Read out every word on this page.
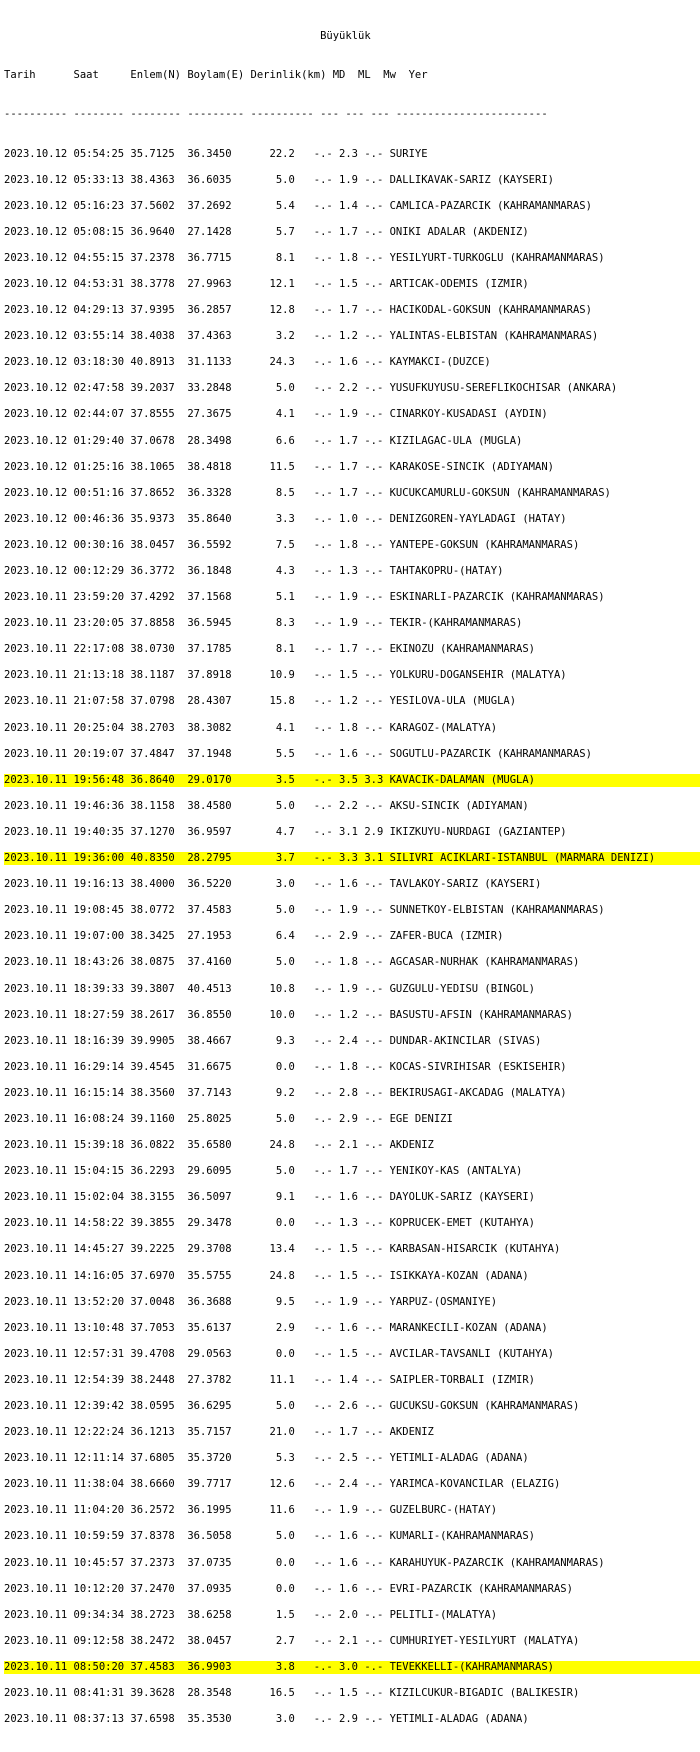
Büyüklük

Tarih      Saat     Enlem(N) Boylam(E) Derinlik(km) MD  ML  Mw  Yer

---------- -------- -------- --------- ---------- --- --- --- ------------------------

2023.10.12 05:54:25 35.7125  36.3450      22.2   -.- 2.3 -.- SURIYE

2023.10.12 05:33:13 38.4363  36.6035       5.0   -.- 1.9 -.- DALLIKAVAK-SARIZ (KAYSERI)

2023.10.12 05:16:23 37.5602  37.2692       5.4   -.- 1.4 -.- CAMLICA-PAZARCIK (KAHRAMANMARAS)

2023.10.12 05:08:15 36.9640  27.1428       5.7   -.- 1.7 -.- ONIKI ADALAR (AKDENIZ)

2023.10.12 04:55:15 37.2378  36.7715       8.1   -.- 1.8 -.- YESILYURT-TURKOGLU (KAHRAMANMARAS)

2023.10.12 04:53:31 38.3778  27.9963      12.1   -.- 1.5 -.- ARTICAK-ODEMIS (IZMIR)

2023.10.12 04:29:13 37.9395  36.2857      12.8   -.- 1.7 -.- HACIKODAL-GOKSUN (KAHRAMANMARAS)

2023.10.12 03:55:14 38.4038  37.4363       3.2   -.- 1.2 -.- YALINTAS-ELBISTAN (KAHRAMANMARAS)

2023.10.12 03:18:30 40.8913  31.1133      24.3   -.- 1.6 -.- KAYMAKCI-(DUZCE)

2023.10.12 02:47:58 39.2037  33.2848       5.0   -.- 2.2 -.- YUSUFKUYUSU-SEREFLIKOCHISAR (ANKARA)

2023.10.12 02:44:07 37.8555  27.3675       4.1   -.- 1.9 -.- CINARKOY-KUSADASI (AYDIN)

2023.10.12 01:29:40 37.0678  28.3498       6.6   -.- 1.7 -.- KIZILAGAC-ULA (MUGLA)

2023.10.12 01:25:16 38.1065  38.4818      11.5   -.- 1.7 -.- KARAKOSE-SINCIK (ADIYAMAN)

2023.10.12 00:51:16 37.8652  36.3328       8.5   -.- 1.7 -.- KUCUKCAMURLU-GOKSUN (KAHRAMANMARAS)

2023.10.12 00:46:36 35.9373  35.8640       3.3   -.- 1.0 -.- DENIZGOREN-YAYLADAGI (HATAY)

2023.10.12 00:30:16 38.0457  36.5592       7.5   -.- 1.8 -.- YANTEPE-GOKSUN (KAHRAMANMARAS)

2023.10.12 00:12:29 36.3772  36.1848       4.3   -.- 1.3 -.- TAHTAKOPRU-(HATAY)

2023.10.11 23:59:20 37.4292  37.1568       5.1   -.- 1.9 -.- ESKINARLI-PAZARCIK (KAHRAMANMARAS)

2023.10.11 23:20:05 37.8858  36.5945       8.3   -.- 1.9 -.- TEKIR-(KAHRAMANMARAS)

2023.10.11 22:17:08 38.0730  37.1785       8.1   -.- 1.7 -.- EKINOZU (KAHRAMANMARAS)

2023.10.11 21:13:18 38.1187  37.8918      10.9   -.- 1.5 -.- YOLKURU-DOGANSEHIR (MALATYA)

2023.10.11 21:07:58 37.0798  28.4307      15.8   -.- 1.2 -.- YESILOVA-ULA (MUGLA)

2023.10.11 20:25:04 38.2703  38.3082       4.1   -.- 1.8 -.- KARAGOZ-(MALATYA)

2023.10.11 20:19:07 37.4847  37.1948       5.5   -.- 1.6 -.- SOGUTLU-PAZARCIK (KAHRAMANMARAS)

2023.10.11 19:56:48 36.8640  29.0170       3.5   -.- 3.5 3.3 KAVACIK-DALAMAN (MUGLA)

2023.10.11 19:46:36 38.1158  38.4580       5.0   -.- 2.2 -.- AKSU-SINCIK (ADIYAMAN)

2023.10.11 19:40:35 37.1270  36.9597       4.7   -.- 3.1 2.9 IKIZKUYU-NURDAGI (GAZIANTEP)

2023.10.11 19:36:00 40.8350  28.2795       3.7   -.- 3.3 3.1 SILIVRI ACIKLARI-ISTANBUL (MARMARA DENIZI)

2023.10.11 19:16:13 38.4000  36.5220       3.0   -.- 1.6 -.- TAVLAKOY-SARIZ (KAYSERI)

2023.10.11 19:08:45 38.0772  37.4583       5.0   -.- 1.9 -.- SUNNETKOY-ELBISTAN (KAHRAMANMARAS)

2023.10.11 19:07:00 38.3425  27.1953       6.4   -.- 2.9 -.- ZAFER-BUCA (IZMIR)

2023.10.11 18:43:26 38.0875  37.4160       5.0   -.- 1.8 -.- AGCASAR-NURHAK (KAHRAMANMARAS)

2023.10.11 18:39:33 39.3807  40.4513      10.8   -.- 1.9 -.- GUZGULU-YEDISU (BINGOL)

2023.10.11 18:27:59 38.2617  36.8550      10.0   -.- 1.2 -.- BASUSTU-AFSIN (KAHRAMANMARAS)

2023.10.11 18:16:39 39.9905  38.4667       9.3   -.- 2.4 -.- DUNDAR-AKINCILAR (SIVAS)

2023.10.11 16:29:14 39.4545  31.6675       0.0   -.- 1.8 -.- KOCAS-SIVRIHISAR (ESKISEHIR)

2023.10.11 16:15:14 38.3560  37.7143       9.2   -.- 2.8 -.- BEKIRUSAGI-AKCADAG (MALATYA)

2023.10.11 16:08:24 39.1160  25.8025       5.0   -.- 2.9 -.- EGE DENIZI

2023.10.11 15:39:18 36.0822  35.6580      24.8   -.- 2.1 -.- AKDENIZ

2023.10.11 15:04:15 36.2293  29.6095       5.0   -.- 1.7 -.- YENIKOY-KAS (ANTALYA)

2023.10.11 15:02:04 38.3155  36.5097       9.1   -.- 1.6 -.- DAYOLUK-SARIZ (KAYSERI)

2023.10.11 14:58:22 39.3855  29.3478       0.0   -.- 1.3 -.- KOPRUCEK-EMET (KUTAHYA)

2023.10.11 14:45:27 39.2225  29.3708      13.4   -.- 1.5 -.- KARBASAN-HISARCIK (KUTAHYA)

2023.10.11 14:16:05 37.6970  35.5755      24.8   -.- 1.5 -.- ISIKKAYA-KOZAN (ADANA)

2023.10.11 13:52:20 37.0048  36.3688       9.5   -.- 1.9 -.- YARPUZ-(OSMANIYE)

2023.10.11 13:10:48 37.7053  35.6137       2.9   -.- 1.6 -.- MARANKECILI-KOZAN (ADANA)

2023.10.11 12:57:31 39.4708  29.0563       0.0   -.- 1.5 -.- AVCILAR-TAVSANLI (KUTAHYA)

2023.10.11 12:54:39 38.2448  27.3782      11.1   -.- 1.4 -.- SAIPLER-TORBALI (IZMIR)

2023.10.11 12:39:42 38.0595  36.6295       5.0   -.- 2.6 -.- GUCUKSU-GOKSUN (KAHRAMANMARAS)

2023.10.11 12:22:24 36.1213  35.7157      21.0   -.- 1.7 -.- AKDENIZ

2023.10.11 12:11:14 37.6805  35.3720       5.3   -.- 2.5 -.- YETIMLI-ALADAG (ADANA)

2023.10.11 11:38:04 38.6660  39.7717      12.6   -.- 2.4 -.- YARIMCA-KOVANCILAR (ELAZIG)

2023.10.11 11:04:20 36.2572  36.1995      11.6   -.- 1.9 -.- GUZELBURC-(HATAY)

2023.10.11 10:59:59 37.8378  36.5058       5.0   -.- 1.6 -.- KUMARLI-(KAHRAMANMARAS)

2023.10.11 10:45:57 37.2373  37.0735       0.0   -.- 1.6 -.- KARAHUYUK-PAZARCIK (KAHRAMANMARAS)

2023.10.11 10:12:20 37.2470  37.0935       0.0   -.- 1.6 -.- EVRI-PAZARCIK (KAHRAMANMARAS)

2023.10.11 09:34:34 38.2723  38.6258       1.5   -.- 2.0 -.- PELITLI-(MALATYA)

2023.10.11 09:12:58 38.2472  38.0457       2.7   -.- 2.1 -.- CUMHURIYET-YESILYURT (MALATYA)

2023.10.11 08:50:20 37.4583  36.9903       3.8   -.- 3.0 -.- TEVEKKELLI-(KAHRAMANMARAS)

2023.10.11 08:41:31 39.3628  28.3548      16.5   -.- 1.5 -.- KIZILCUKUR-BIGADIC (BALIKESIR)

2023.10.11 08:37:13 37.6598  35.3530       3.0   -.- 2.9 -.- YETIMLI-ALADAG (ADANA)
